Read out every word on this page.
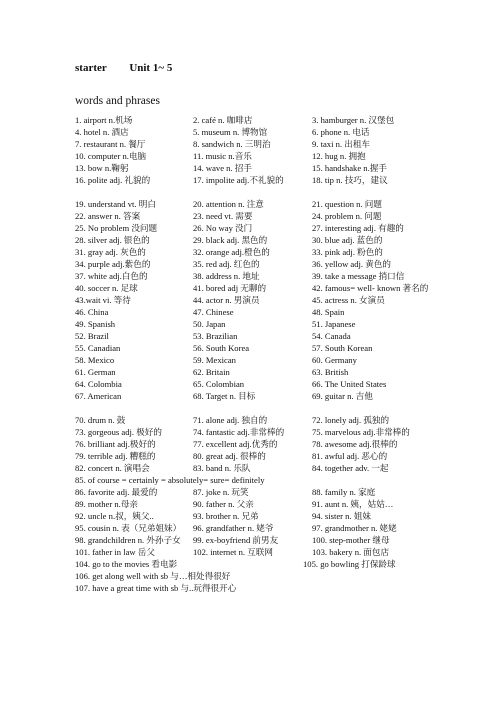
starter Unit 1~ 5
words and phrases
1. airport n.机场	2. café n. 咖啡店	3. hamburger n. 汉堡包
4. hotel n. 酒店	5. museum n. 博物馆	6. phone n. 电话
7. restaurant n. 餐厅	8. sandwich n. 三明治	9. taxi n. 出租车
10. computer n.电脑	11. music n.音乐	12. hug n. 拥抱
13. bow n.鞠躬	14. wave n. 招手	15. handshake n.握手
16. polite adj. 礼貌的	17. impolite adj.不礼貌的	18. tip n. 技巧，建议
19. understand vt. 明白	20. attention n. 注意	21. question n. 问题
22. answer n. 答案	23. need vt. 需要	24. problem n. 问题
25. No problem 没问题	26. No way 没门	27. interesting adj. 有趣的
28. silver adj. 银色的	29. black adj. 黑色的	30. blue adj. 蓝色的
31. gray adj. 灰色的	32. orange adj.橙色的	33. pink adj. 粉色的
34. purple adj.紫色的	35. red adj. 红色的	36. yellow adj. 黄色的
37. white adj.白色的	38. address n. 地址	39. take a message 捎口信
40. soccer n. 足球	41. bored adj 无聊的	42. famous= well- known 著名的
43.wait vi. 等待	44. actor n. 男演员	45. actress n. 女演员
46. China	47. Chinese	48. Spain
49. Spanish	50. Japan	51. Japanese
52. Brazil	53. Brazilian	54. Canada
55. Canadian	56. South Korea	57. South Korean
58. Mexico	59. Mexican	60. Germany
61. German	62. Britain	63. British
64. Colombia	65. Colombian	66. The United States
67. American	68. Target n. 目标	69. guitar n. 吉他
70. drum n. 鼓	71. alone adj. 独自的	72. lonely adj. 孤独的
73. gorgeous adj. 极好的	74. fantastic adj.非常棒的	75. marvelous adj.非常棒的
76. brilliant adj.极好的	77. excellent adj.优秀的	78. awesome adj.很棒的
79. terrible adj. 糟糕的	80. great adj. 很棒的	81. awful adj. 恶心的
82. concert n. 演唱会	83. band n. 乐队	84. together adv. 一起
85. of course = certainly = absolutely= sure= definitely
86. favorite adj. 最爱的	87. joke n. 玩笑	88. family n. 家庭
89. mother n.母亲	90. father n. 父亲	91. aunt n. 姨，姑姑…
92. uncle n.叔，姨父..	93. brother n. 兄弟	94. sister n. 姐妹
95. cousin n. 表（兄弟姐妹） 96. grandfather n. 姥爷	97. grandmother n. 姥姥
98. grandchildren n. 外孙子女 99. ex-boyfriend 前男友	100. step-mother 继母
101. father in law 岳父	102. internet n. 互联网	103. bakery n. 面包店
104. go to the movies 看电影	105. go bowling 打保龄球
106. get along well with sb 与…相处得很好
107. have a great time with sb 与..玩得很开心
